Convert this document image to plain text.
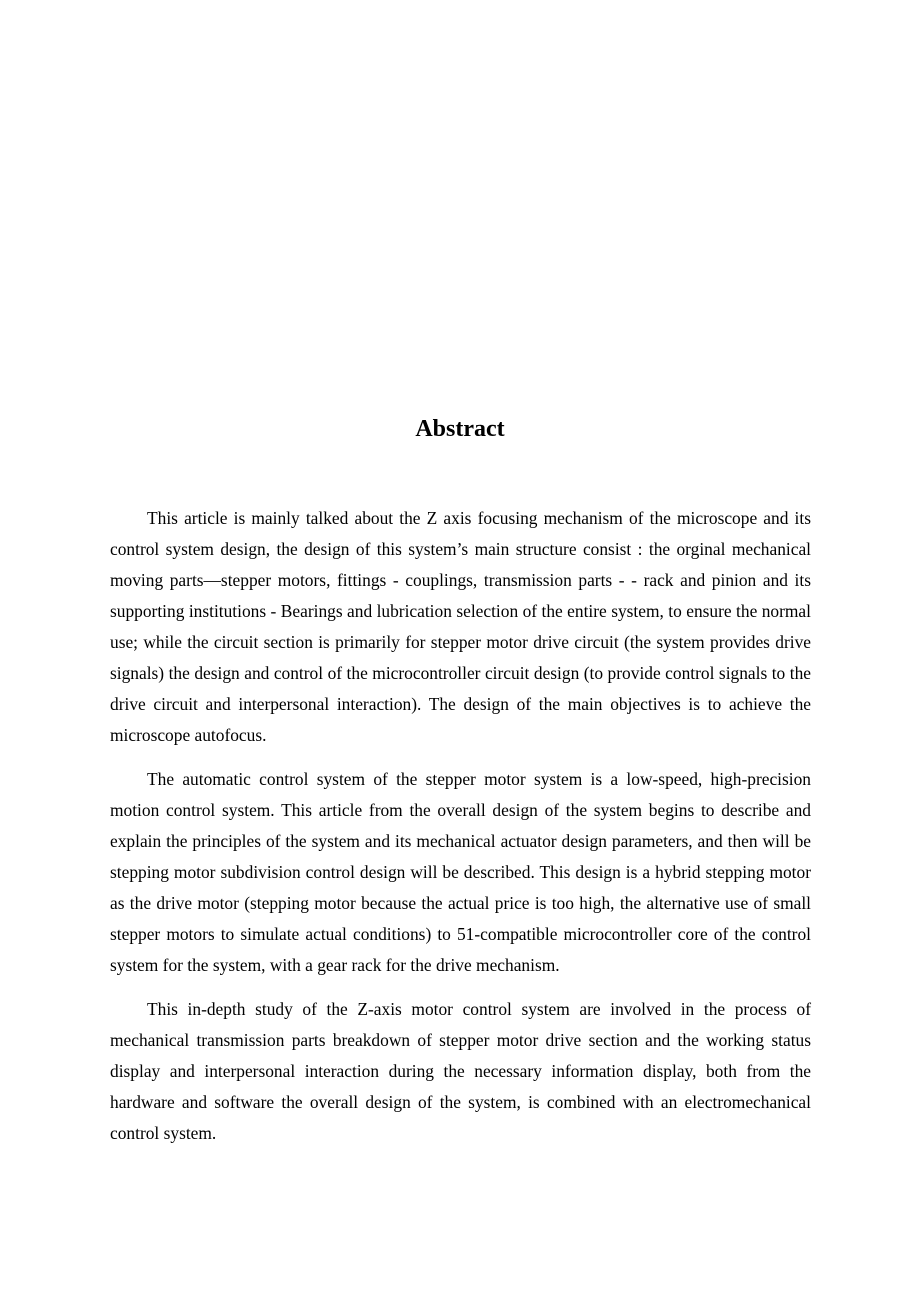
Abstract

This article is mainly talked about the Z axis focusing mechanism of the microscope and its control system design, the design of this system’s main structure consist : the orginal mechanical moving parts—stepper motors, fittings - couplings, transmission parts - - rack and pinion and its supporting institutions - Bearings and lubrication selection of the entire system, to ensure the normal use; while the circuit section is primarily for stepper motor drive circuit (the system provides drive signals) the design and control of the microcontroller circuit design (to provide control signals to the drive circuit and interpersonal interaction). The design of the main objectives is to achieve the microscope autofocus.

The automatic control system of the stepper motor system is a low-speed, high-precision motion control system. This article from the overall design of the system begins to describe and explain the principles of the system and its mechanical actuator design parameters, and then will be stepping motor subdivision control design will be described. This design is a hybrid stepping motor as the drive motor (stepping motor because the actual price is too high, the alternative use of small stepper motors to simulate actual conditions) to 51-compatible microcontroller core of the control system for the system, with a gear rack for the drive mechanism.

This in-depth study of the Z-axis motor control system are involved in the process of mechanical transmission parts breakdown of stepper motor drive section and the working status display and interpersonal interaction during the necessary information display, both from the hardware and software the overall design of the system, is combined with an electromechanical control system.
